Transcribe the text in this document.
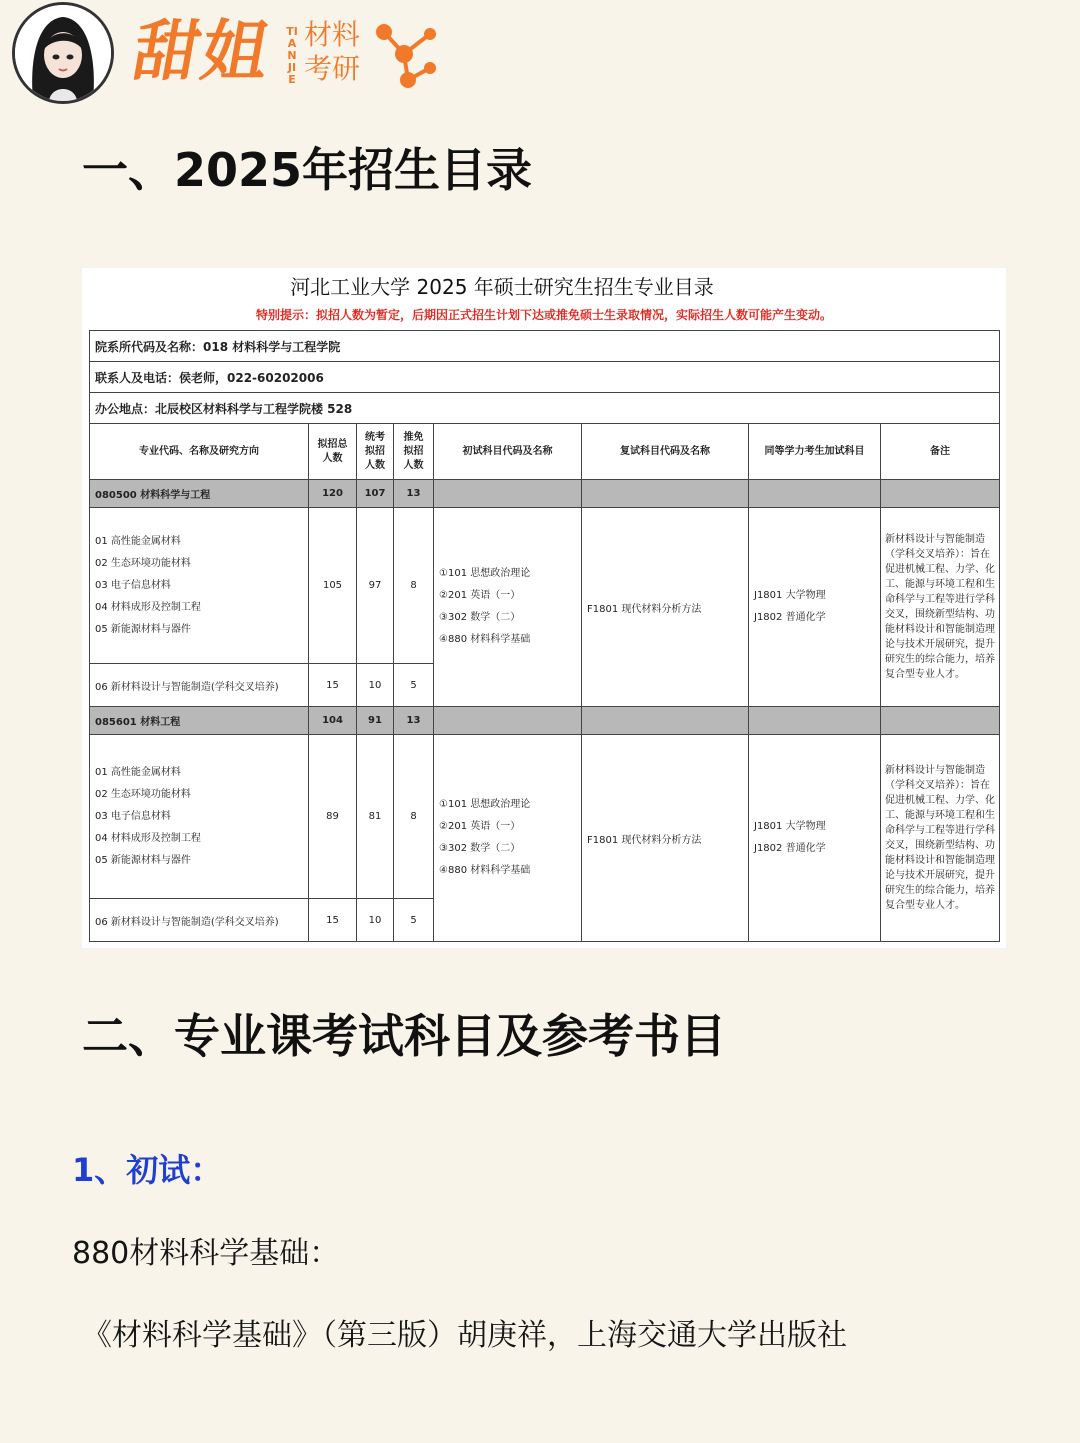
甜姐 TIANJIE
材料考研
一、2025年招生目录
河北工业大学 2025 年硕士研究生招生专业目录
特别提示：拟招人数为暂定，后期因正式招生计划下达或推免硕士生录取情况，实际招生人数可能产生变动。
院系所代码及名称：018 材料科学与工程学院							
联系人及电话：侯老师，022-60202006							
办公地点：北辰校区材料科学与工程学院楼 528							
专业代码、名称及研究方向	拟招总人数	统考拟招人数	推免拟招人数	初试科目代码及名称	复试科目代码及名称	同等学力考生加试科目	备注
080500 材料科学与工程	120	107	13				

01 高性能金属材料
02 生态环境功能材料
03 电子信息材料
04 材料成形及控制工程
05 新能源材料与器件	105	97	8	①101 思想政治理论
②201 英语（一）
③302 数学（二）
④880 材料科学基础	F1801 现代材料分析方法	J1801 大学物理
J1802 普通化学	新材料设计与智能制造（学科交叉培养）：旨在促进机械工程、力学、化工、能源与环境工程和生命科学与工程等进行学科交叉，围绕新型结构、功能材料设计和智能制造理论与技术开展研究，提升研究生的综合能力，培养复合型专业人才。
06 新材料设计与智能制造(学科交叉培养)	15	10	5				
085601 材料工程	104	91	13				

01 高性能金属材料
02 生态环境功能材料
03 电子信息材料
04 材料成形及控制工程
05 新能源材料与器件	89	81	8	①101 思想政治理论
②201 英语（一）
③302 数学（二）
④880 材料科学基础	F1801 现代材料分析方法	J1801 大学物理
J1802 普通化学	新材料设计与智能制造（学科交叉培养）：旨在促进机械工程、力学、化工、能源与环境工程和生命科学与工程等进行学科交叉，围绕新型结构、功能材料设计和智能制造理论与技术开展研究，提升研究生的综合能力，培养复合型专业人才。
06 新材料设计与智能制造(学科交叉培养)	15	10	5				
二、专业课考试科目及参考书目
1、初试：

880材料科学基础：

《材料科学基础》（第三版）胡庚祥，上海交通大学出版社
